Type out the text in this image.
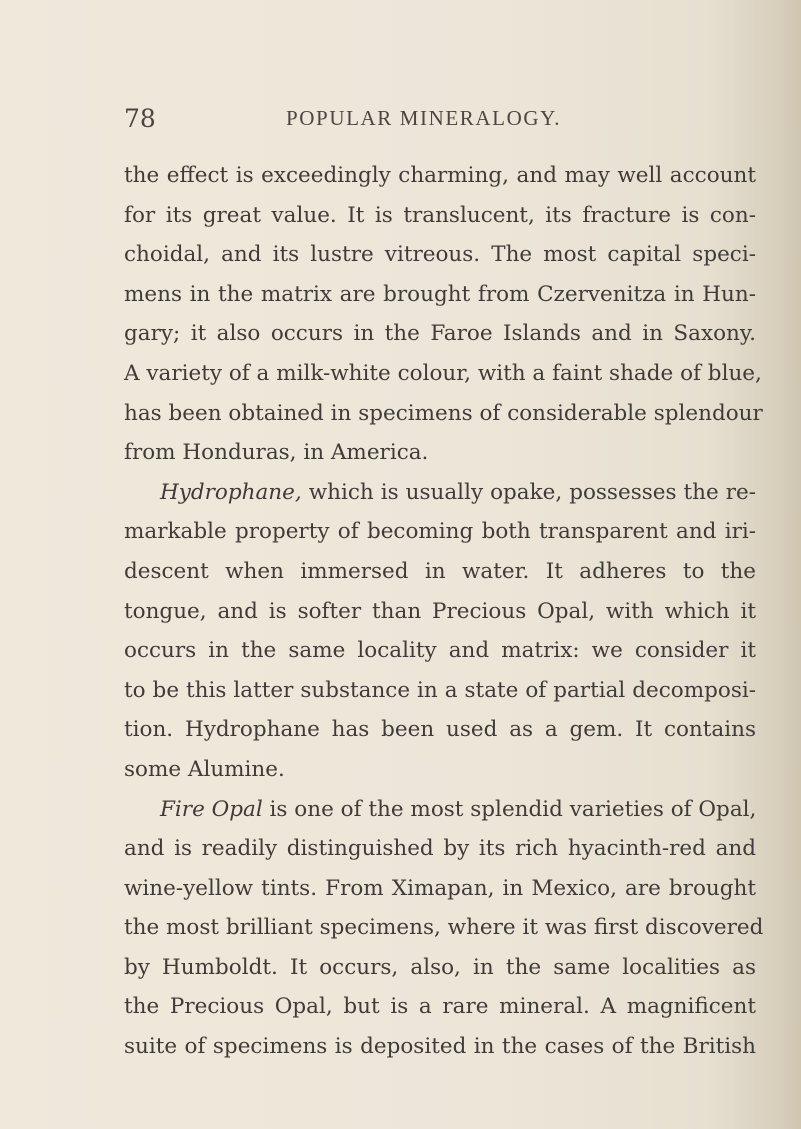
78	POPULAR MINERALOGY.
the effect is exceedingly charming, and may well account
for its great value. It is translucent, its fracture is con-
choidal, and its lustre vitreous. The most capital speci-
mens in the matrix are brought from Czervenitza in Hun-
gary; it also occurs in the Faroe Islands and in Saxony.
A variety of a milk-white colour, with a faint shade of blue,
has been obtained in specimens of considerable splendour
from Honduras, in America.
Hydrophane, which is usually opake, possesses the re-
markable property of becoming both transparent and iri-
descent when immersed in water. It adheres to the
tongue, and is softer than Precious Opal, with which it
occurs in the same locality and matrix: we consider it
to be this latter substance in a state of partial decomposi-
tion. Hydrophane has been used as a gem. It contains
some Alumine.
Fire Opal is one of the most splendid varieties of Opal,
and is readily distinguished by its rich hyacinth-red and
wine-yellow tints. From Ximapan, in Mexico, are brought
the most brilliant specimens, where it was first discovered
by Humboldt. It occurs, also, in the same localities as
the Precious Opal, but is a rare mineral. A magnificent
suite of specimens is deposited in the cases of the British
